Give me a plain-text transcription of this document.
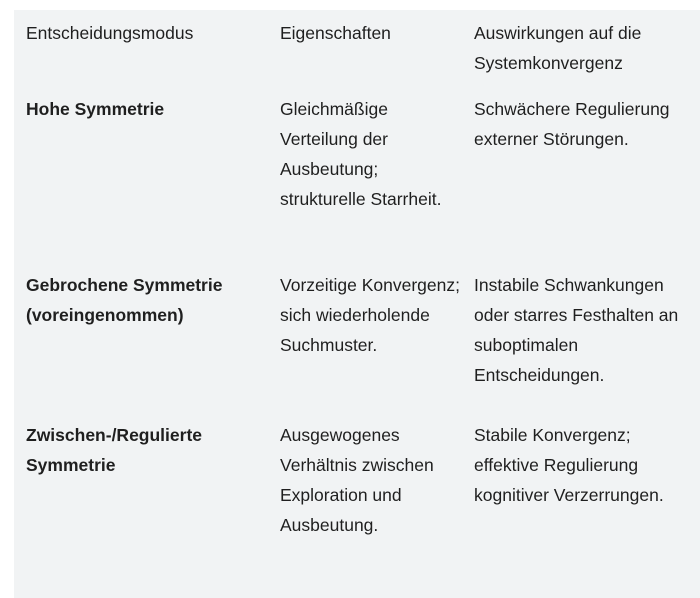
Entscheidungsmodus	Eigenschaften	Auswirkungen auf die Systemkonvergenz
Hohe Symmetrie	Gleichmäßige Verteilung der Ausbeutung; strukturelle Starrheit.	Schwächere Regulierung externer Störungen.
Gebrochene Symmetrie (voreingenommen)	Vorzeitige Konvergenz; sich wiederholende Suchmuster.	Instabile Schwankungen oder starres Festhalten an suboptimalen Entscheidungen.
Zwischen-/Regulierte Symmetrie	Ausgewogenes Verhältnis zwischen Exploration und Ausbeutung.	Stabile Konvergenz; effektive Regulierung kognitiver Verzerrungen.
